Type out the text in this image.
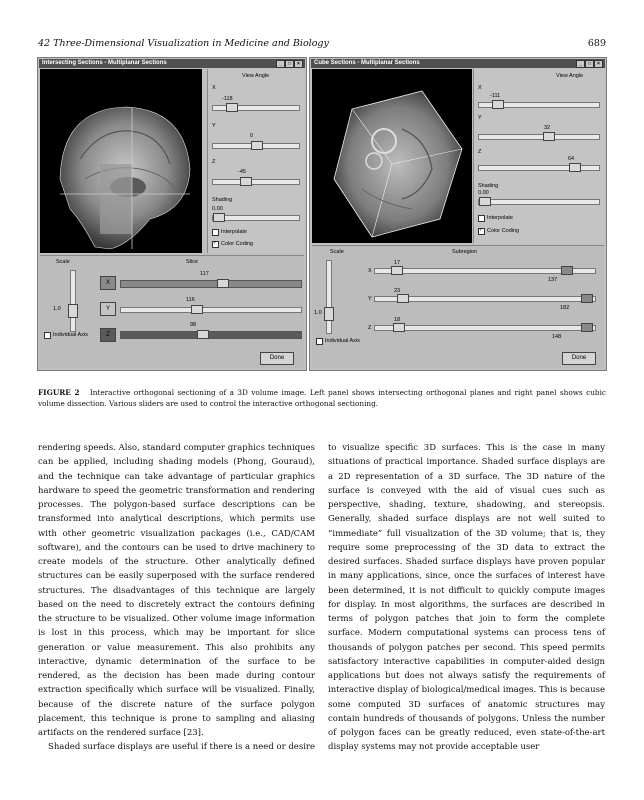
42 Three-Dimensional Visualization in Medicine and Biology	689
Intersecting Sections - Multiplanar Sections	_	□	×
View Angle
X
-118
Y
0
Z
-45
Shading
0.00
Interpolate
✓
Color Coding
Scale
1.0
Slice
X
117
Y
116
Z
98
Individual Axis
Done
Cube Sections - Multiplanar Sections	_	□	×
View Angle
X
-111
Y
32
Z
64
Shading
0.00
Interpolate
✓
Color Coding
Scale
1.0
Subregion
X
17
137
Y
23
182
Z
18
148
Individual Axis
Done
FIGURE 2 Interactive orthogonal sectioning of a 3D volume image. Left panel shows intersecting orthogonal planes and right panel shows cubic volume dissection. Various sliders are used to control the interactive orthogonal sectioning.

rendering speeds. Also, standard computer graphics techniques can be applied, including shading models (Phong, Gouraud), and the technique can take advantage of particular graphics hardware to speed the geometric transformation and rendering processes. The polygon-based surface descriptions can be transformed into analytical descriptions, which permits use with other geometric visualization packages (i.e., CAD/CAM software), and the contours can be used to drive machinery to create models of the structure. Other analytically defined structures can be easily superposed with the surface rendered structures. The disadvantages of this technique are largely based on the need to discretely extract the contours defining the structure to be visualized. Other volume image information is lost in this process, which may be important for slice generation or value measurement. This also prohibits any interactive, dynamic determination of the surface to be rendered, as the decision has been made during contour extraction specifically which surface will be visualized. Finally, because of the discrete nature of the surface polygon placement, this technique is prone to sampling and aliasing artifacts on the rendered surface [23].

Shaded surface displays are useful if there is a need or desire

to visualize specific 3D surfaces. This is the case in many situations of practical importance. Shaded surface displays are a 2D representation of a 3D surface. The 3D nature of the surface is conveyed with the aid of visual cues such as perspective, shading, texture, shadowing, and stereopsis. Generally, shaded surface displays are not well suited to “immediate” full visualization of the 3D volume; that is, they require some preprocessing of the 3D data to extract the desired surfaces. Shaded surface displays have proven popular in many applications, since, once the surfaces of interest have been determined, it is not difficult to quickly compute images for display. In most algorithms, the surfaces are described in terms of polygon patches that join to form the complete surface. Modern computational systems can process tens of thousands of polygon patches per second. This speed permits satisfactory interactive capabilities in computer-aided design applications but does not always satisfy the requirements of interactive display of biological/medical images. This is because some computed 3D surfaces of anatomic structures may contain hundreds of thousands of polygons. Unless the number of polygon faces can be greatly reduced, even state-of-the-art display systems may not provide acceptable user
